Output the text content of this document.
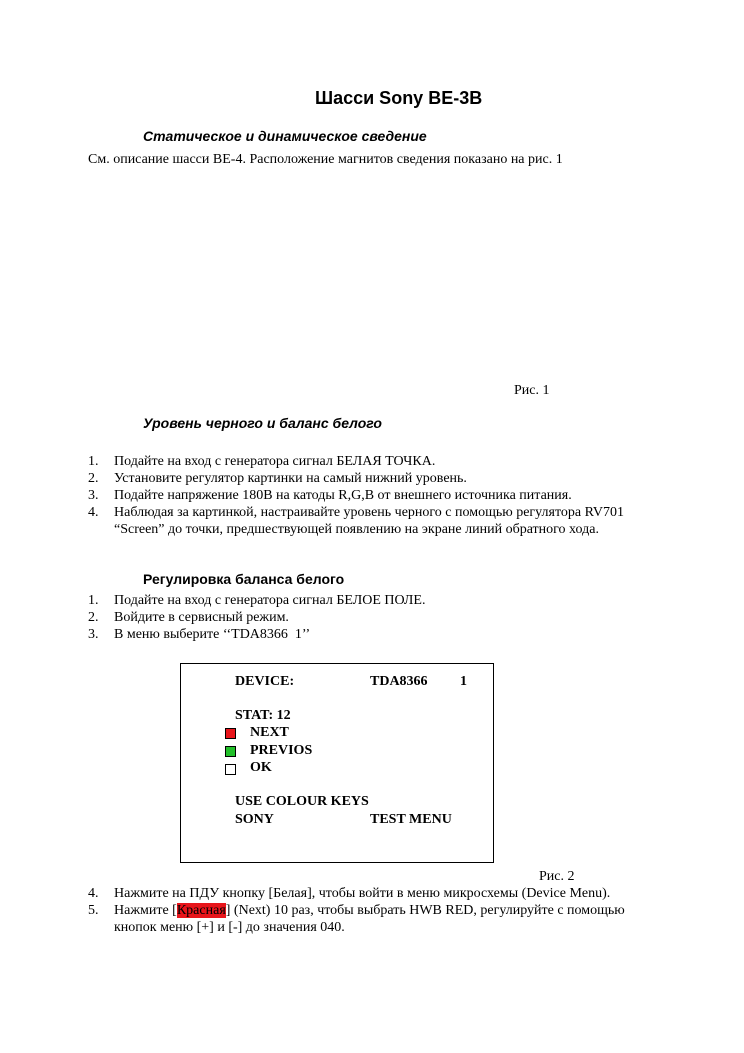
Шасси Sony BE-3B
Статическое и динамическое сведение
См. описание шасси BE-4. Расположение магнитов сведения показано на рис. 1
Рис. 1
Уровень черного и баланс белого
1. Подайте на вход с генератора сигнал БЕЛАЯ ТОЧКА.
2. Установите регулятор картинки на самый нижний уровень.
3. Подайте напряжение 180В на катоды R,G,B от внешнего источника питания.
4. Наблюдая за картинкой, настраивайте уровень черного с помощью регулятора RV701
“Screen” до точки, предшествующей появлению на экране линий обратного хода.
Регулировка баланса белого
1. Подайте на вход с генератора сигнал БЕЛОЕ ПОЛЕ.
2. Войдите в сервисный режим.
3. В меню выберите ‘‘TDA8366  1’’
DEVICE:	TDA8366 1
STAT: 12
NEXT
PREVIOS
OK
USE COLOUR KEYS
SONY	TEST MENU
Рис. 2
4. Нажмите на ПДУ кнопку [Белая], чтобы войти в меню микросхемы (Device Menu).
5. Нажмите [Красная] (Next) 10 раз, чтобы выбрать HWB RED, регулируйте с помощью
кнопок меню [+] и [-] до значения 040.
